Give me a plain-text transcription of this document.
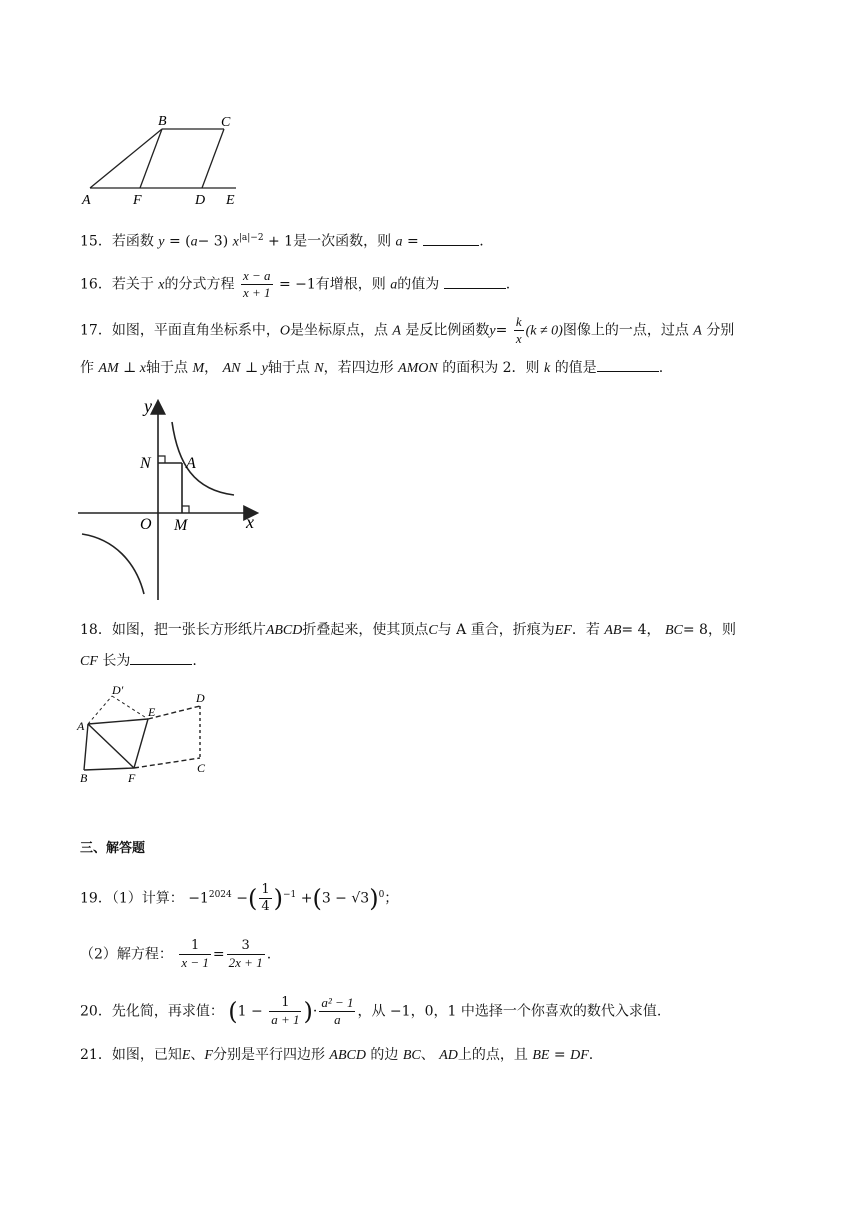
B	C
A	F	D E
15．若函数 y = (a− 3) $x^{|a|-2} + 1$是一次函数，则 a =	.
16．若关于 x的分式方程 $\frac{x - a}{x + 1} = -1$有增根，则 a的值为	.
17．如图，平面直角坐标系中，O是坐标原点，点 A 是反比例函数$y= \frac{k}{x} (k \ne 0)$图像上的一点，过点 A 分别
作 AM ⊥ x轴于点 M， AN ⊥ y轴于点 N，若四边形 AMON 的面积为 2．则 k 的值是	.
y
N A
O M	x
18．如图，把一张长方形纸片ABCD折叠起来，使其顶点C与 A 重合，折痕为EF．若 AB= 4， BC= 8，则
CF 长为	.
D′
D
A
E
B	F
C
三、解答题
19．（1）计算： $-1^{2024}$ −( $\frac{1}{4} )^{-1} +(3 - √3)^0$；
（2）解方程： $\frac{1}{x - 1} = \frac{3}{2x + 1}$ .
20．先化简，再求值： ($1 - \frac{1}{a + 1}$ )· $\frac{\text{a² − 1}}{a}$ ，从 −1，0，1 中选择一个你喜欢的数代入求值.
21．如图，已知E、F分别是平行四边形 ABCD 的边 BC、 AD上的点，且 BE = DF.
